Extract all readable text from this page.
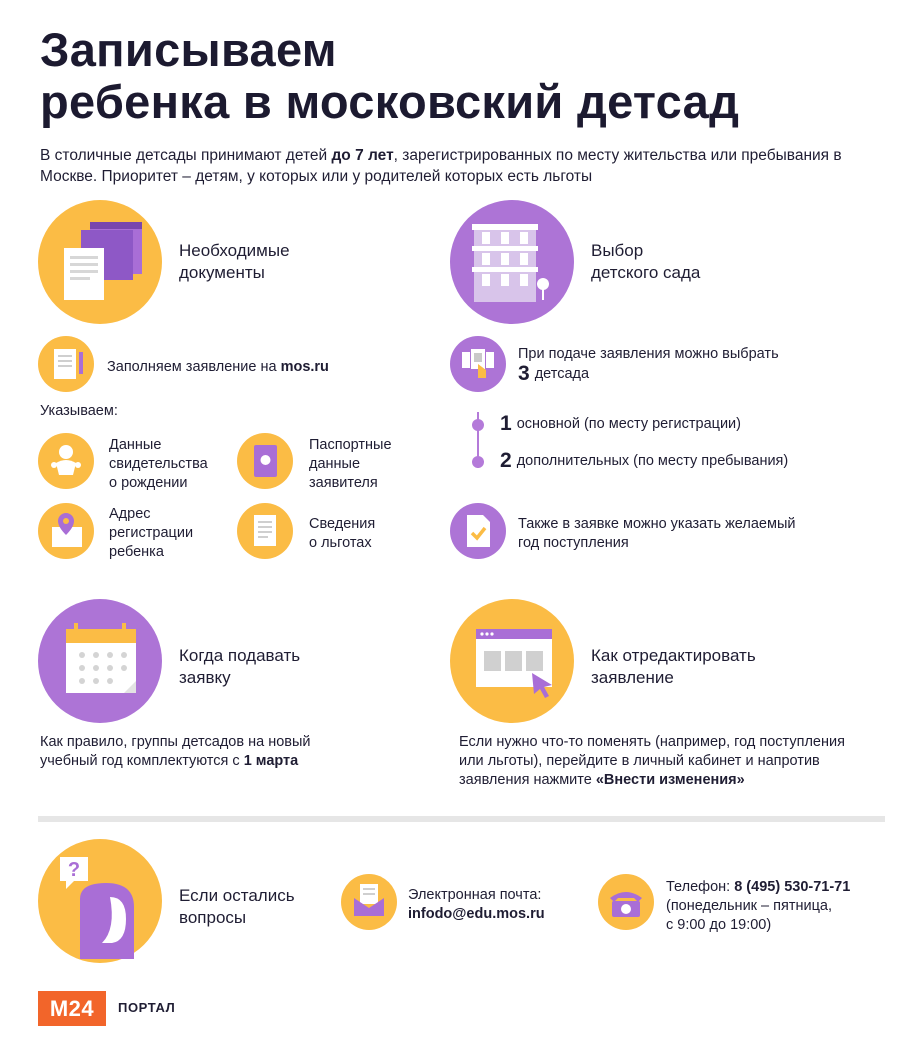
Записываем
ребенка в московский детсад
В столичные детсады принимают детей до 7 лет, зарегистрированных по месту жительства или пребывания в Москве. Приоритет – детям, у которых или у родителей которых есть льготы
Необходимые
документы
Заполняем заявление на mos.ru
Указываем:
Данные
свидетельства
о рождении
Паспортные
данные
заявителя
Адрес
регистрации
ребенка
Сведения
о льготах
Выбор
детского сада
При подаче заявления можно выбрать
3 детсада
1 основной (по месту регистрации)
2 дополнительных (по месту пребывания)
Также в заявке можно указать желаемый
год поступления
Когда подавать
заявку
Как правило, группы детсадов на новый
учебный год комплектуются с 1 марта
Как отредактировать
заявление
Если нужно что-то поменять (например, год поступления
или льготы), перейдите в личный кабинет и напротив
заявления нажмите «Внести изменения»
?
Если остались
вопросы
Электронная почта:
infodo@edu.mos.ru
Телефон: 8 (495) 530-71-71
(понедельник – пятница,
с 9:00 до 19:00)
M24	ПОРТАЛ
